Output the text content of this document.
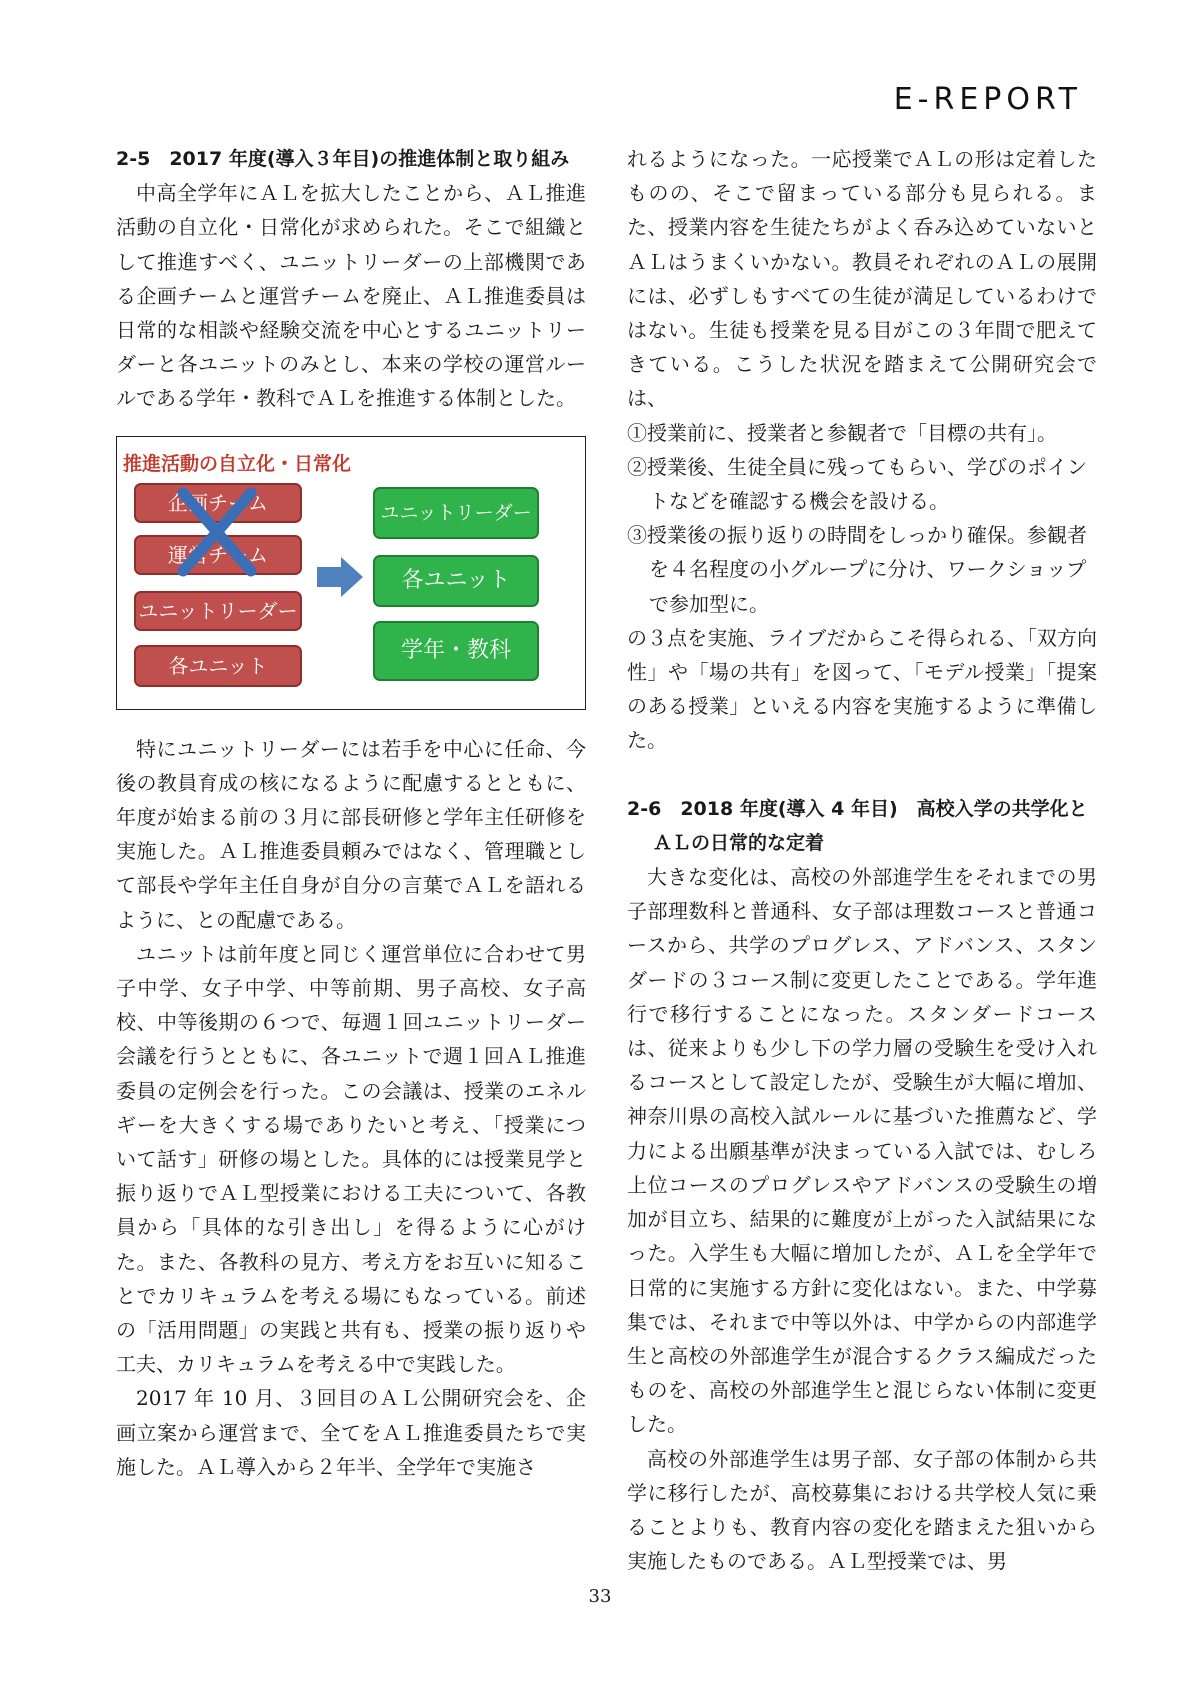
E-REPORT

2-5　2017 年度(導入３年目)の推進体制と取り組み

中高全学年にＡＬを拡大したことから、ＡＬ推進活動の自立化・日常化が求められた。そこで組織として推進すべく、ユニットリーダーの上部機関である企画チームと運営チームを廃止、ＡＬ推進委員は日常的な相談や経験交流を中心とするユニットリーダーと各ユニットのみとし、本来の学校の運営ルールである学年・教科でＡＬを推進する体制とした。

推進活動の自立化・日常化
企画チーム
運営チーム
ユニットリーダー
各ユニット
ユニットリーダー
各ユニット
学年・教科

特にユニットリーダーには若手を中心に任命、今後の教員育成の核になるように配慮するとともに、年度が始まる前の３月に部長研修と学年主任研修を実施した。ＡＬ推進委員頼みではなく、管理職として部長や学年主任自身が自分の言葉でＡＬを語れるように、との配慮である。

ユニットは前年度と同じく運営単位に合わせて男子中学、女子中学、中等前期、男子高校、女子高校、中等後期の６つで、毎週１回ユニットリーダー会議を行うとともに、各ユニットで週１回ＡＬ推進委員の定例会を行った。この会議は、授業のエネルギーを大きくする場でありたいと考え、「授業について話す」研修の場とした。具体的には授業見学と振り返りでＡＬ型授業における工夫について、各教員から「具体的な引き出し」を得るように心がけた。また、各教科の見方、考え方をお互いに知ることでカリキュラムを考える場にもなっている。前述の「活用問題」の実践と共有も、授業の振り返りや工夫、カリキュラムを考える中で実践した。

2017 年 10 月、３回目のＡＬ公開研究会を、企画立案から運営まで、全てをＡＬ推進委員たちで実施した。ＡＬ導入から２年半、全学年で実施さ

れるようになった。一応授業でＡＬの形は定着したものの、そこで留まっている部分も見られる。また、授業内容を生徒たちがよく呑み込めていないとＡＬはうまくいかない。教員それぞれのＡＬの展開には、必ずしもすべての生徒が満足しているわけではない。生徒も授業を見る目がこの３年間で肥えてきている。こうした状況を踏まえて公開研究会では、

①授業前に、授業者と参観者で「目標の共有」。

②授業後、生徒全員に残ってもらい、学びのポイントなどを確認する機会を設ける。

③授業後の振り返りの時間をしっかり確保。参観者を４名程度の小グループに分け、ワークショップで参加型に。

の３点を実施、ライブだからこそ得られる、「双方向性」や「場の共有」を図って、「モデル授業」「提案のある授業」といえる内容を実施するように準備した。

2-6　2018 年度(導入 4 年目)　高校入学の共学化とＡＬの日常的な定着

大きな変化は、高校の外部進学生をそれまでの男子部理数科と普通科、女子部は理数コースと普通コースから、共学のプログレス、アドバンス、スタンダードの３コース制に変更したことである。学年進行で移行することになった。スタンダードコースは、従来よりも少し下の学力層の受験生を受け入れるコースとして設定したが、受験生が大幅に増加、神奈川県の高校入試ルールに基づいた推薦など、学力による出願基準が決まっている入試では、むしろ上位コースのプログレスやアドバンスの受験生の増加が目立ち、結果的に難度が上がった入試結果になった。入学生も大幅に増加したが、ＡＬを全学年で日常的に実施する方針に変化はない。また、中学募集では、それまで中等以外は、中学からの内部進学生と高校の外部進学生が混合するクラス編成だったものを、高校の外部進学生と混じらない体制に変更した。

高校の外部進学生は男子部、女子部の体制から共学に移行したが、高校募集における共学校人気に乗ることよりも、教育内容の変化を踏まえた狙いから実施したものである。ＡＬ型授業では、男

33
